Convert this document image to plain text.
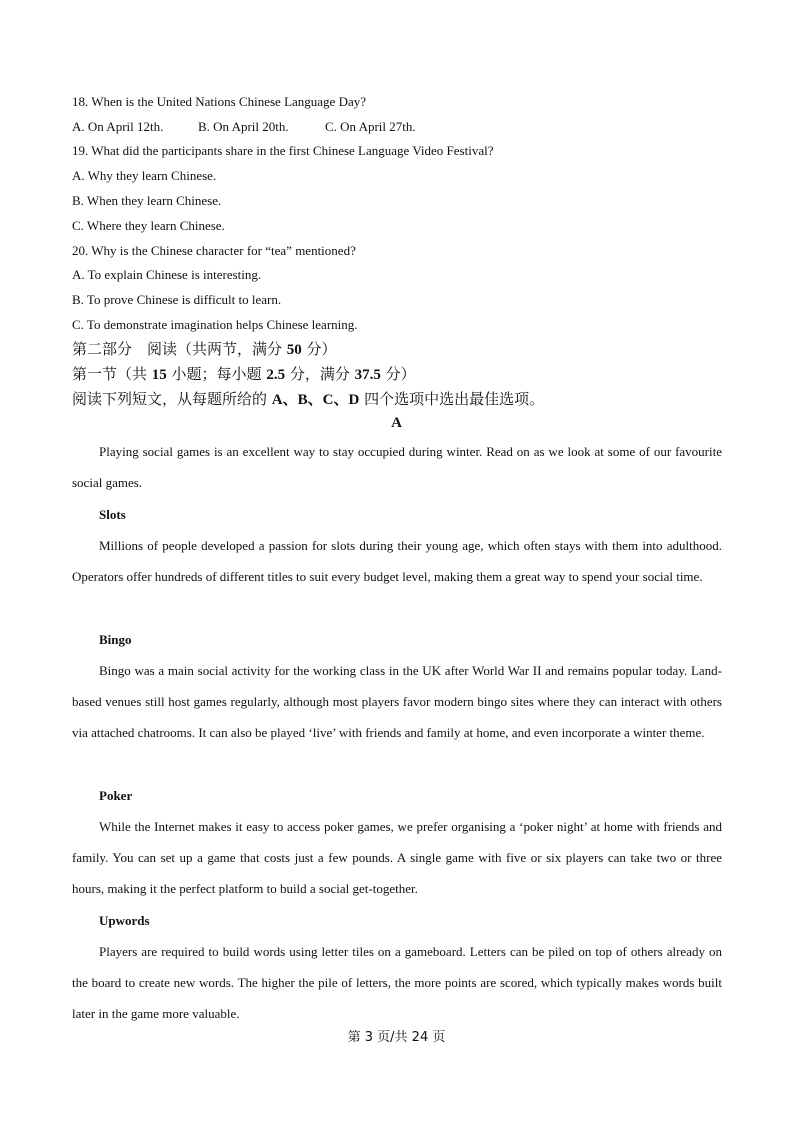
18. When is the United Nations Chinese Language Day?
A. On April 12th.	B. On April 20th.	C. On April 27th.
19. What did the participants share in the first Chinese Language Video Festival?
A. Why they learn Chinese.
B. When they learn Chinese.
C. Where they learn Chinese.
20. Why is the Chinese character for “tea” mentioned?
A. To explain Chinese is interesting.
B. To prove Chinese is difficult to learn.
C. To demonstrate imagination helps Chinese learning.
第二部分　阅读（共两节，满分 50 分）
第一节（共 15 小题；每小题 2.5 分，满分 37.5 分）
阅读下列短文，从每题所给的 A、B、C、D 四个选项中选出最佳选项。
A
Playing social games is an excellent way to stay occupied during winter. Read on as we look at some of our favourite social games.
Slots
Millions of people developed a passion for slots during their young age, which often stays with them into adulthood. Operators offer hundreds of different titles to suit every budget level, making them a great way to spend your social time.
Bingo
Bingo was a main social activity for the working class in the UK after World War II and remains popular today. Land-based venues still host games regularly, although most players favor modern bingo sites where they can interact with others via attached chatrooms. It can also be played ‘live’ with friends and family at home, and even incorporate a winter theme.
Poker
While the Internet makes it easy to access poker games, we prefer organising a ‘poker night’ at home with friends and family. You can set up a game that costs just a few pounds. A single game with five or six players can take two or three hours, making it the perfect platform to build a social get-together.
Upwords
Players are required to build words using letter tiles on a gameboard. Letters can be piled on top of others already on the board to create new words. The higher the pile of letters, the more points are scored, which typically makes words built later in the game more valuable.
第 3 页/共 24 页
